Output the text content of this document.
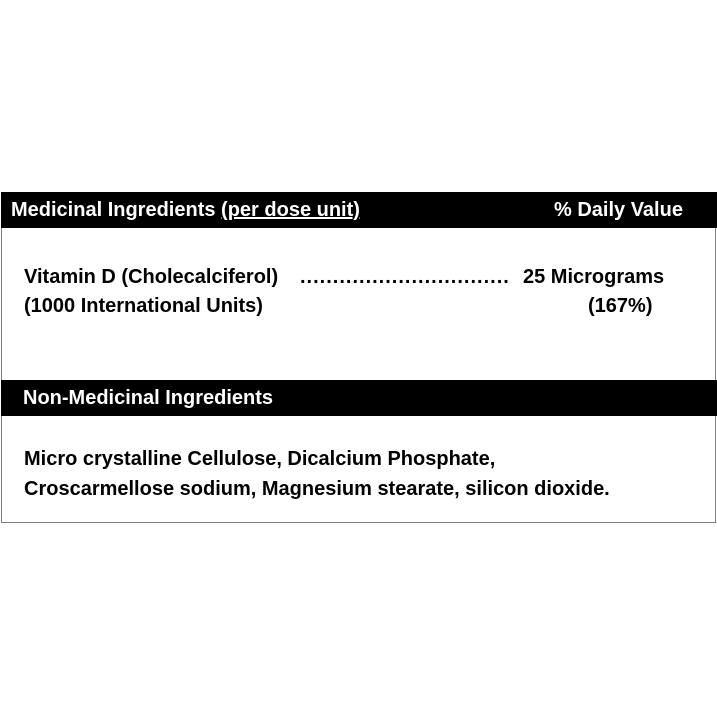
Medicinal Ingredients (per dose unit)	% Daily Value
Vitamin D (Cholecalciferol) ................................ 25 Micrograms
(1000 International Units)	(167%)
Non-Medicinal Ingredients
Micro crystalline Cellulose, Dicalcium Phosphate,
Croscarmellose sodium, Magnesium stearate, silicon dioxide.
